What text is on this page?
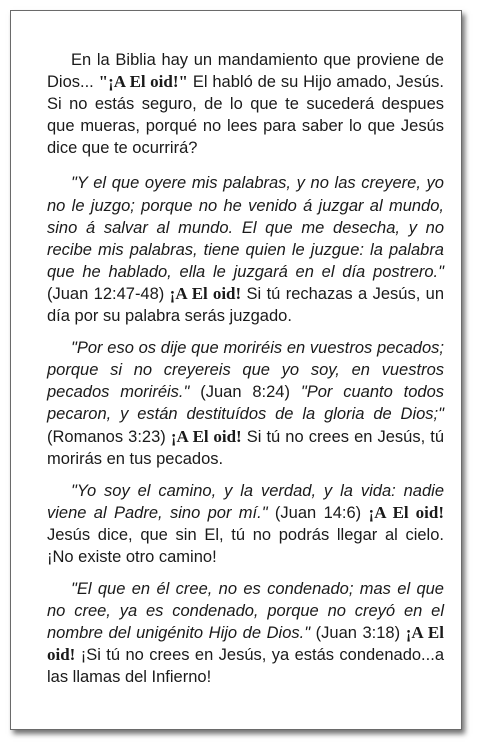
En la Biblia hay un mandamiento que proviene de Dios... "¡A El oid!" El habló de su Hijo amado, Jesús. Si no estás seguro, de lo que te sucederá despues que mueras, porqué no lees para saber lo que Jesús dice que te ocurrirá?

"Y el que oyere mis palabras, y no las creyere, yo no le juzgo; porque no he venido á juzgar al mundo, sino á salvar al mundo. El que me desecha, y no recibe mis palabras, tiene quien le juzgue: la palabra que he hablado, ella le juzgará en el día postrero." (Juan 12:47-48) ¡A El oid! Si tú rechazas a Jesús, un día por su palabra serás juzgado.

"Por eso os dije que moriréis en vuestros pecados; porque si no creyereis que yo soy, en vuestros pecados moriréis." (Juan 8:24) "Por cuanto todos pecaron, y están destituídos de la gloria de Dios;" (Romanos 3:23) ¡A El oid! Si tú no crees en Jesús, tú morirás en tus pecados.

"Yo soy el camino, y la verdad, y la vida: nadie viene al Padre, sino por mí." (Juan 14:6) ¡A El oid! Jesús dice, que sin El, tú no podrás llegar al cielo. ¡No existe otro camino!

"El que en él cree, no es condenado; mas el que no cree, ya es condenado, porque no creyó en el nombre del unigénito Hijo de Dios." (Juan 3:18) ¡A El oid! ¡Si tú no crees en Jesús, ya estás condenado...a las llamas del Infierno!
